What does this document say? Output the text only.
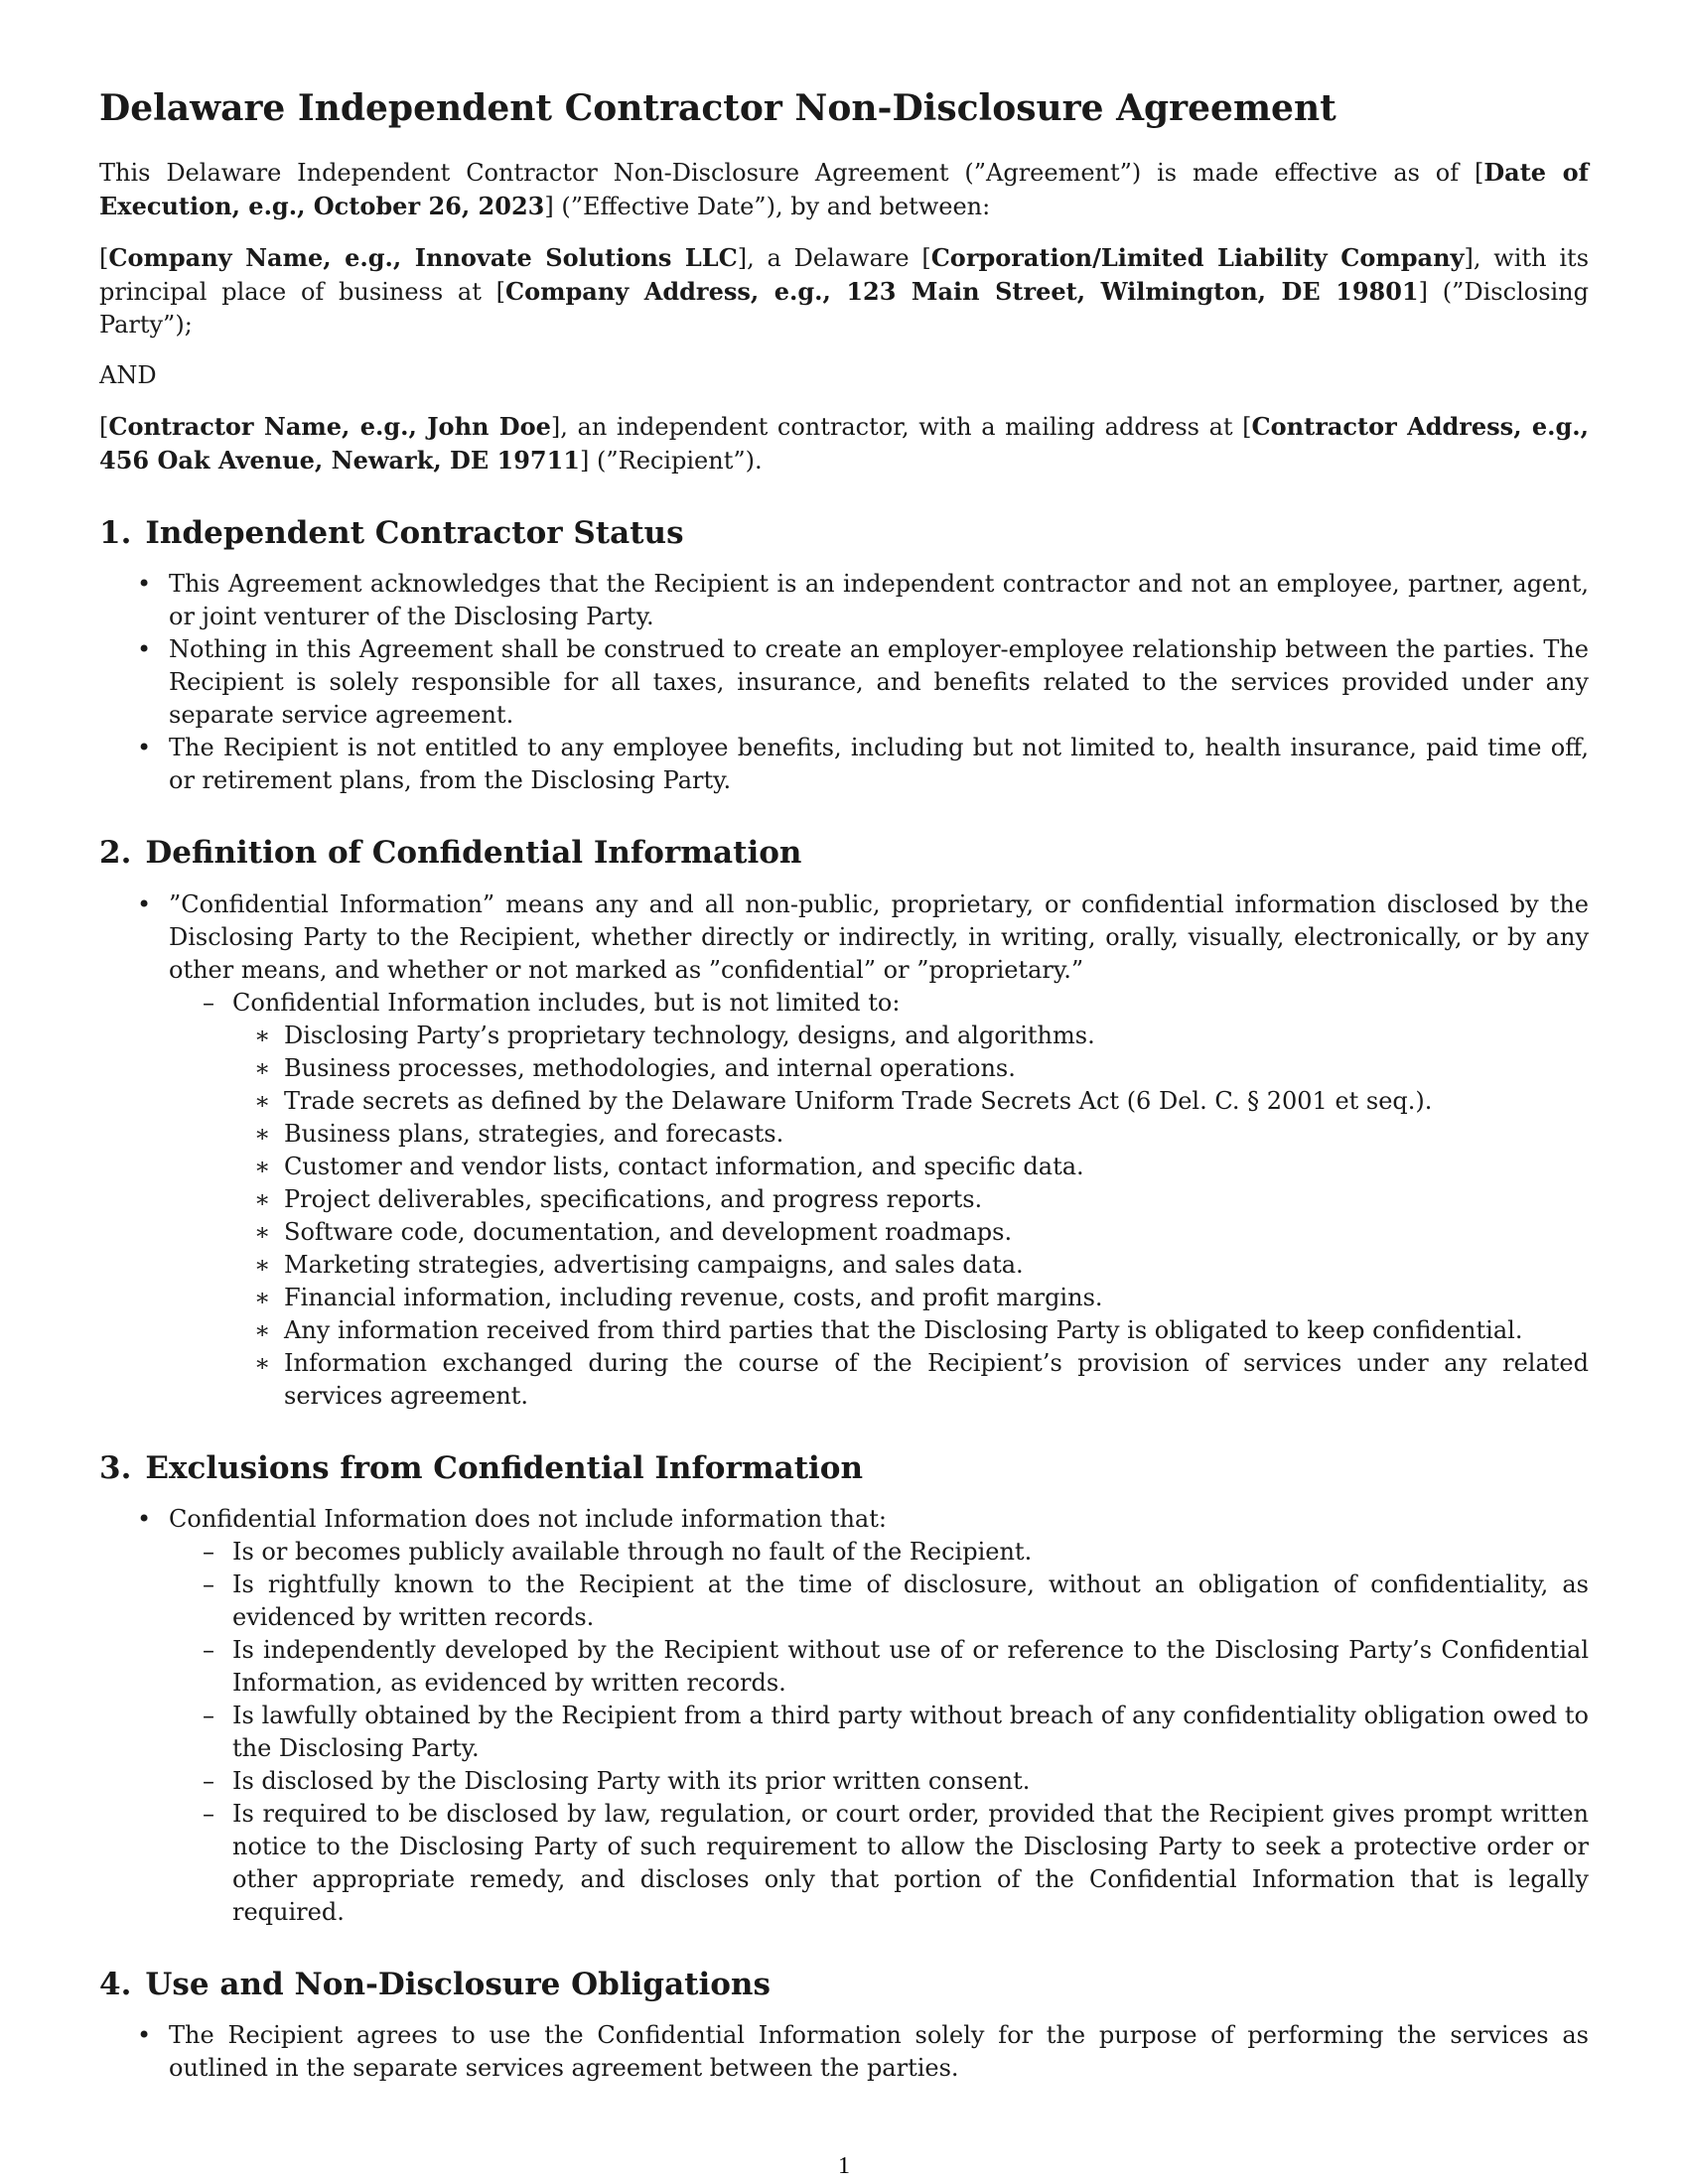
Delaware Independent Contractor Non-Disclosure Agreement

This Delaware Independent Contractor Non-Disclosure Agreement (”Agreement”) is made effective as of [Date of Execution, e.g., October 26, 2023] (”Effective Date”), by and between:

[Company Name, e.g., Innovate Solutions LLC], a Delaware [Corporation/Limited Liability Company], with its principal place of business at [Company Address, e.g., 123 Main Street, Wilmington, DE 19801] (”Disclosing Party”);

AND

[Contractor Name, e.g., John Doe], an independent contractor, with a mailing address at [Contractor Address, e.g., 456 Oak Avenue, Newark, DE 19711] (”Recipient”).

1. Independent Contractor Status
• This Agreement acknowledges that the Recipient is an independent contractor and not an employee, partner, agent, or joint venturer of the Disclosing Party.
• Nothing in this Agreement shall be construed to create an employer-employee relationship between the parties. The Recipient is solely responsible for all taxes, insurance, and benefits related to the services provided under any separate service agreement.
• The Recipient is not entitled to any employee benefits, including but not limited to, health insurance, paid time off, or retirement plans, from the Disclosing Party.
2. Definition of Confidential Information
• ”Confidential Information” means any and all non-public, proprietary, or confidential information disclosed by the Disclosing Party to the Recipient, whether directly or indirectly, in writing, orally, visually, electronically, or by any other means, and whether or not marked as ”confidential” or ”proprietary.”
– Confidential Information includes, but is not limited to:
∗ Disclosing Party’s proprietary technology, designs, and algorithms.
∗ Business processes, methodologies, and internal operations.
∗ Trade secrets as defined by the Delaware Uniform Trade Secrets Act (6 Del. C. § 2001 et seq.).
∗ Business plans, strategies, and forecasts.
∗ Customer and vendor lists, contact information, and specific data.
∗ Project deliverables, specifications, and progress reports.
∗ Software code, documentation, and development roadmaps.
∗ Marketing strategies, advertising campaigns, and sales data.
∗ Financial information, including revenue, costs, and profit margins.
∗ Any information received from third parties that the Disclosing Party is obligated to keep confidential.
∗ Information exchanged during the course of the Recipient’s provision of services under any related services agreement.
3. Exclusions from Confidential Information
• Confidential Information does not include information that:
– Is or becomes publicly available through no fault of the Recipient.
– Is rightfully known to the Recipient at the time of disclosure, without an obligation of confidentiality, as evidenced by written records.
– Is independently developed by the Recipient without use of or reference to the Disclosing Party’s Confidential Information, as evidenced by written records.
– Is lawfully obtained by the Recipient from a third party without breach of any confidentiality obligation owed to the Disclosing Party.
– Is disclosed by the Disclosing Party with its prior written consent.
– Is required to be disclosed by law, regulation, or court order, provided that the Recipient gives prompt written notice to the Disclosing Party of such requirement to allow the Disclosing Party to seek a protective order or other appropriate remedy, and discloses only that portion of the Confidential Information that is legally required.
4. Use and Non-Disclosure Obligations
• The Recipient agrees to use the Confidential Information solely for the purpose of performing the services as outlined in the separate services agreement between the parties.
1
